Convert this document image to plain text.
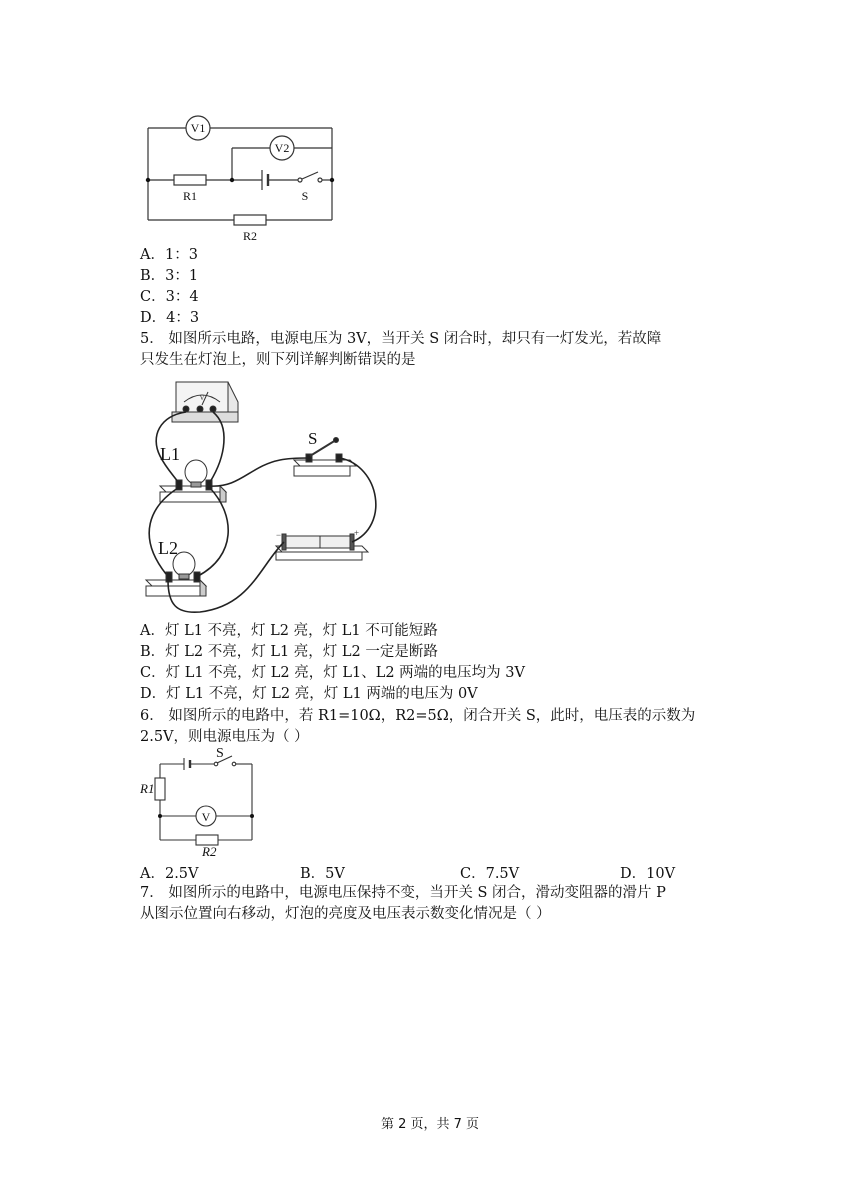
V1
V2
R1	S
R2
A．1：3
B．3：1
C．3：4
D．4：3
5． 如图所示电路，电源电压为 3V，当开关 S 闭合时，却只有一灯发光，若故障
只发生在灯泡上，则下列详解判断错误的是
V
−	+
S
L1
L2
A．灯 L1 不亮，灯 L2 亮，灯 L1 不可能短路
B．灯 L2 不亮，灯 L1 亮，灯 L2 一定是断路
C．灯 L1 不亮，灯 L2 亮，灯 L1、L2 两端的电压均为 3V
D．灯 L1 不亮，灯 L2 亮，灯 L1 两端的电压为 0V
6． 如图所示的电路中，若 R1=10Ω，R2=5Ω，闭合开关 S，此时，电压表的示数为
2.5V，则电源电压为（ ）
S
R1
R2
V
A．2.5V	B．5V	C．7.5V	D．10V
7． 如图所示的电路中，电源电压保持不变，当开关 S 闭合，滑动变阻器的滑片 P
从图示位置向右移动，灯泡的亮度及电压表示数变化情况是（ ）
第 2 页，共 7 页
